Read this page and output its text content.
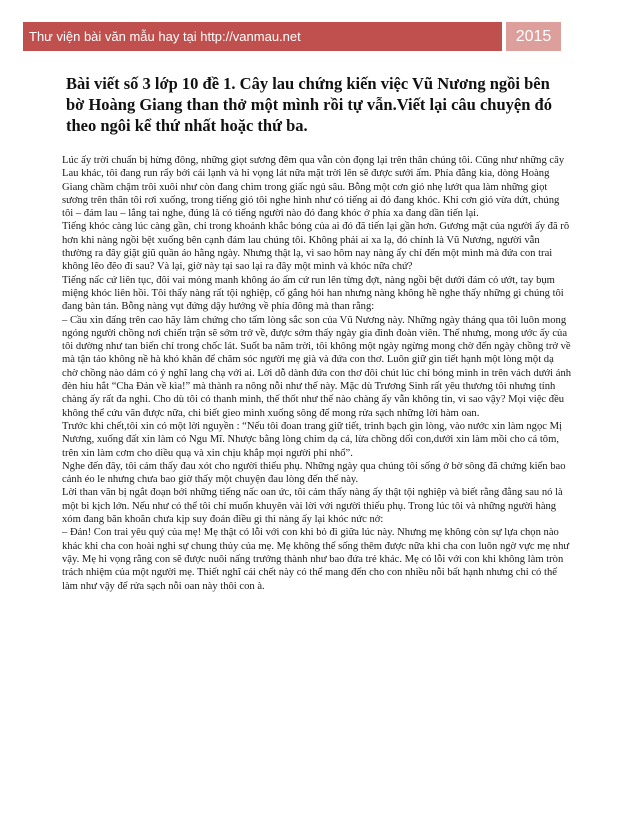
Thư viện bài văn mẫu hay tại http://vanmau.net	2015
Bài viết số 3 lớp 10 đề 1. Cây lau chứng kiến việc Vũ Nương ngồi bên bờ Hoàng Giang than thở một mình rồi tự vẫn.Viết lại câu chuyện đó theo ngôi kể thứ nhất hoặc thứ ba.

Lúc ấy trời chuẩn bị hừng đông, những giọt sương đêm qua vẫn còn đọng lại trên thân chúng tôi. Cũng như những cây Lau khác, tôi đang run rẩy bởi cái lạnh và hi vọng lát nữa mặt trời lên sẽ được sưởi ấm. Phía đằng kia, dòng Hoàng Giang chầm chậm trôi xuôi như còn đang chìm trong giấc ngủ sâu. Bỗng một cơn gió nhẹ lướt qua làm những giọt sương trên thân tôi rơi xuống, trong tiếng gió tôi nghe hình như có tiếng ai đó đang khóc. Khi cơn gió vừa dứt, chúng tôi – đám lau – lắng tai nghe, đúng là có tiếng người nào đó đang khóc ở phía xa đang dần tiến lại.

Tiếng khóc càng lúc càng gần, chỉ trong khoảnh khắc bóng của ai đó đã tiến lại gần hơn. Gương mặt của người ấy đã rõ hơn khi nàng ngồi bệt xuống bên cạnh đám lau chúng tôi. Không phải ai xa lạ, đó chính là Vũ Nương, người vẫn thường ra đây giặt giũ quần áo hằng ngày. Nhưng thật lạ, vì sao hôm nay nàng ấy chỉ đến một mình mà đứa con trai không lẽo đẽo đi sau? Và lại, giờ này tại sao lại ra đây một mình và khóc nữa chứ?

Tiếng nấc cứ liên tục, đôi vai mỏng manh không áo ấm cứ run lên từng đợt, nàng ngồi bệt dưới đám cỏ ướt, tay bụm miệng khóc liên hồi. Tôi thấy nàng rất tội nghiệp, cố gắng hỏi han nhưng nàng không hề nghe thấy những gì chúng tôi đang bàn tán. Bỗng nàng vụt đứng dậy hướng về phía đông mà than rằng:

– Cầu xin đấng trên cao hãy làm chứng cho tấm lòng sắc son của Vũ Nương này. Những ngày tháng qua tôi luôn mong ngóng người chồng nơi chiến trận sẽ sớm trở về, được sớm thấy ngày gia đình đoàn viên. Thế nhưng, mong ước ấy của tôi dường như tan biến chỉ trong chốc lát. Suốt ba năm trời, tôi không một ngày ngừng mong chờ đến ngày chồng trở về mà tận tảo không nề hà khó khăn để chăm sóc người mẹ già và đứa con thơ. Luôn giữ gìn tiết hạnh một lòng một dạ chờ chồng nào dám có ý nghĩ lang chạ với ai. Lời dỗ dành đứa con thơ đôi chút lúc chỉ bóng mình in trên vách dưới ánh đèn hiu hắt “Cha Đản về kìa!” mà thành ra nông nỗi như thế này. Mặc dù Trương Sinh rất yêu thương tôi nhưng tính chàng ấy rất đa nghi. Cho dù tôi có thanh minh, thế thốt như thế nào chàng ấy vẫn không tin, vì sao vậy? Mọi việc đều không thể cứu vãn được nữa, chi biết gieo mình xuống sông để mong rửa sạch những lời hàm oan.

Trước khi chết,tôi xin có một lời nguyền : “Nếu tôi đoan trang giữ tiết, trinh bạch gìn lòng, vào nước xin làm ngọc Mị Nương, xuống đất xin làm cỏ Ngu Mĩ. Nhược bằng lòng chim dạ cá, lừa chồng dối con,dưới xin làm mồi cho cá tôm, trên xin làm cơm cho diều quạ và xin chịu khắp mọi người phỉ nhổ”.

Nghe đến đây, tôi cảm thấy đau xót cho người thiếu phụ. Những ngày qua chúng tôi sống ở bờ sông đã chứng kiến bao cảnh éo le nhưng chưa bao giờ thấy một chuyện đau lòng đến thế này.

Lời than vãn bị ngắt đoạn bởi những tiếng nấc oan ức, tôi cảm thấy nàng ấy thật tội nghiệp và biết rằng đằng sau nó là một bi kịch lớn. Nếu như có thể tôi chỉ muốn khuyên vài lời với người thiếu phụ. Trong lúc tôi và những người hàng xóm đang băn khoăn chưa kịp suy đoán điều gì thì nàng ấy lại khóc nức nở:

– Đản! Con trai yêu quý của mẹ! Mẹ thật có lỗi với con khi bỏ đi giữa lúc này. Nhưng mẹ không còn sự lựa chọn nào khác khi cha con hoài nghi sự chung thủy của mẹ. Mẹ không thể sống thêm được nữa khi cha con luôn ngờ vực mẹ như vậy. Mẹ hi vọng rằng con sẽ được nuôi nấng trưởng thành như bao đứa trẻ khác. Mẹ có lỗi với con khi không làm tròn trách nhiệm của một người mẹ. Thiết nghĩ cái chết này có thể mang đến cho con nhiều nỗi bất hạnh nhưng chỉ có thế làm như vậy để rửa sạch nỗi oan này thôi con à.
